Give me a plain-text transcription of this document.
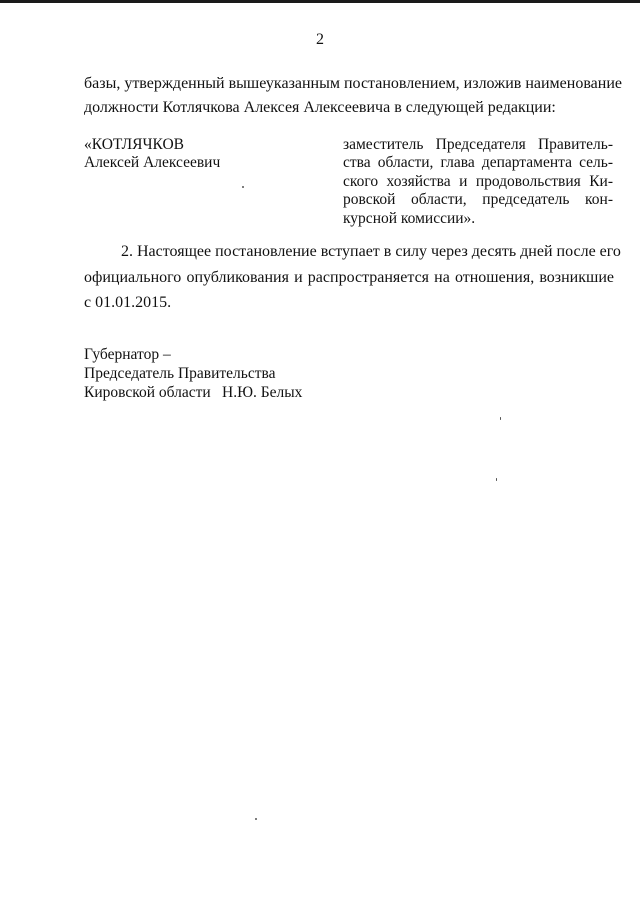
2
базы, утвержденный вышеуказанным постановлением, изложив наименование
должности Котлячкова Алексея Алексеевича в следующей редакции:
«КОТЛЯЧКОВ
Алексей Алексеевич
заместитель Председателя Правитель-
ства области, глава департамента сель-
ского хозяйства и продовольствия Ки-
ровской области, председатель кон-
курсной комиссии».
2. Настоящее постановление вступает в силу через десять дней после его
официального опубликования и распространяется на отношения, возникшие
с 01.01.2015.
Губернатор –
Председатель Правительства
Кировской области Н.Ю. Белых
